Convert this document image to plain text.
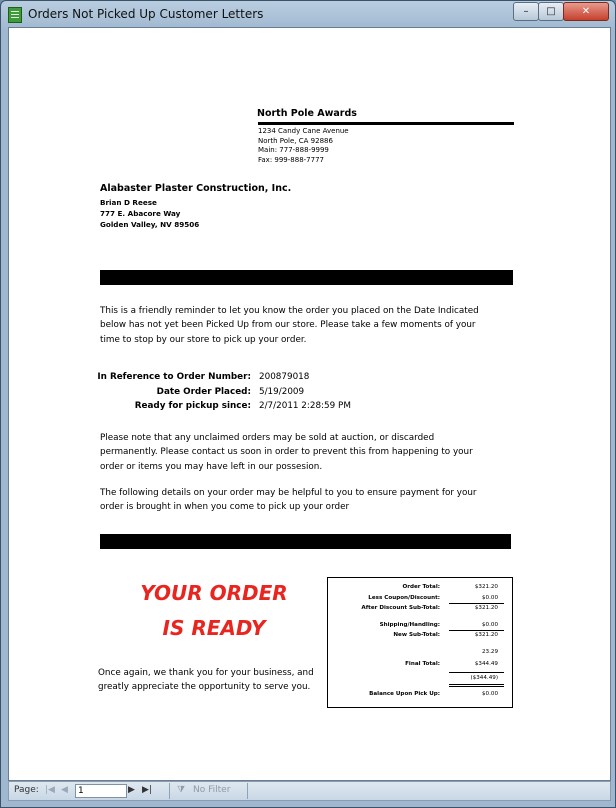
Orders Not Picked Up Customer Letters	–	□	✕
North Pole Awards
1234 Candy Cane Avenue
North Pole, CA 92886
Main: 777-888-9999
Fax: 999-888-7777
Alabaster Plaster Construction, Inc.
Brian D Reese
777 E. Abacore Way
Golden Valley, NV 89506
This is a friendly reminder to let you know the order you placed on the Date Indicated
below has not yet been Picked Up from our store. Please take a few moments of your
time to stop by our store to pick up your order.
In Reference to Order Number: 200879018
Date Order Placed: 5/19/2009
Ready for pickup since: 2/7/2011 2:28:59 PM
Please note that any unclaimed orders may be sold at auction, or discarded
permanently. Please contact us soon in order to prevent this from happening to your
order or items you may have left in our possesion.
The following details on your order may be helpful to you to ensure payment for your
order is brought in when you come to pick up your order
YOUR ORDER
IS READY
Once again, we thank you for your business, and
greatly appreciate the opportunity to serve you.
Order Total:	$321.20
Less Coupon/Discount:	$0.00
After Discount Sub-Total:	$321.20
Shipping/Handling:	$0.00
New Sub-Total:	$321.20
23.29
Final Total:	$344.49
($344.49)
Balance Upon Pick Up:	$0.00
Page: |◀ ◀	1	▶ ▶|	⧩ No Filter
